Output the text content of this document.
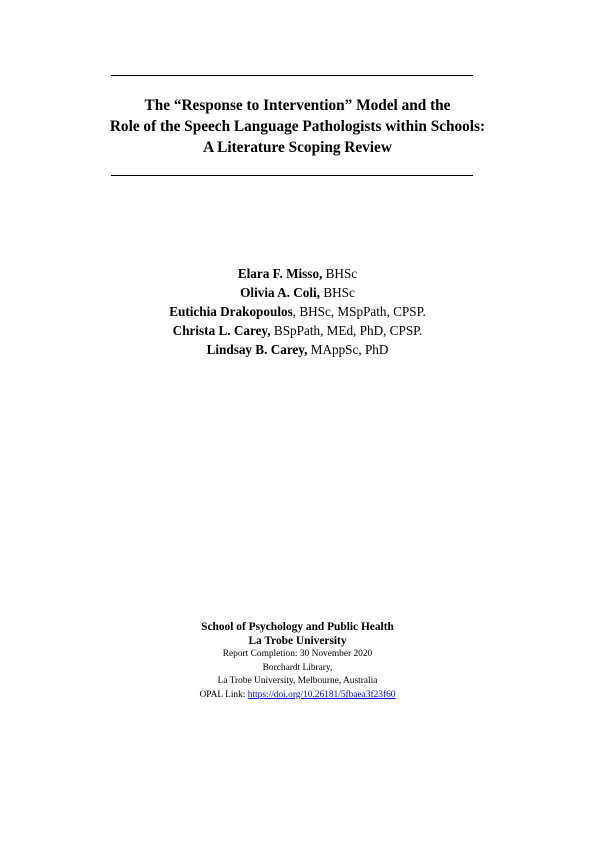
The “Response to Intervention” Model and the
Role of the Speech Language Pathologists within Schools:
A Literature Scoping Review
Elara F. Misso, BHSc
Olivia A. Coli, BHSc
Eutichia Drakopoulos, BHSc, MSpPath, CPSP.
Christa L. Carey, BSpPath, MEd, PhD, CPSP.
Lindsay B. Carey, MAppSc, PhD
School of Psychology and Public Health
La Trobe University
Report Completion: 30 November 2020
Borchardt Library,
La Trobe University, Melbourne, Australia
OPAL Link: https://doi.org/10.26181/5fbaea3f23f60
